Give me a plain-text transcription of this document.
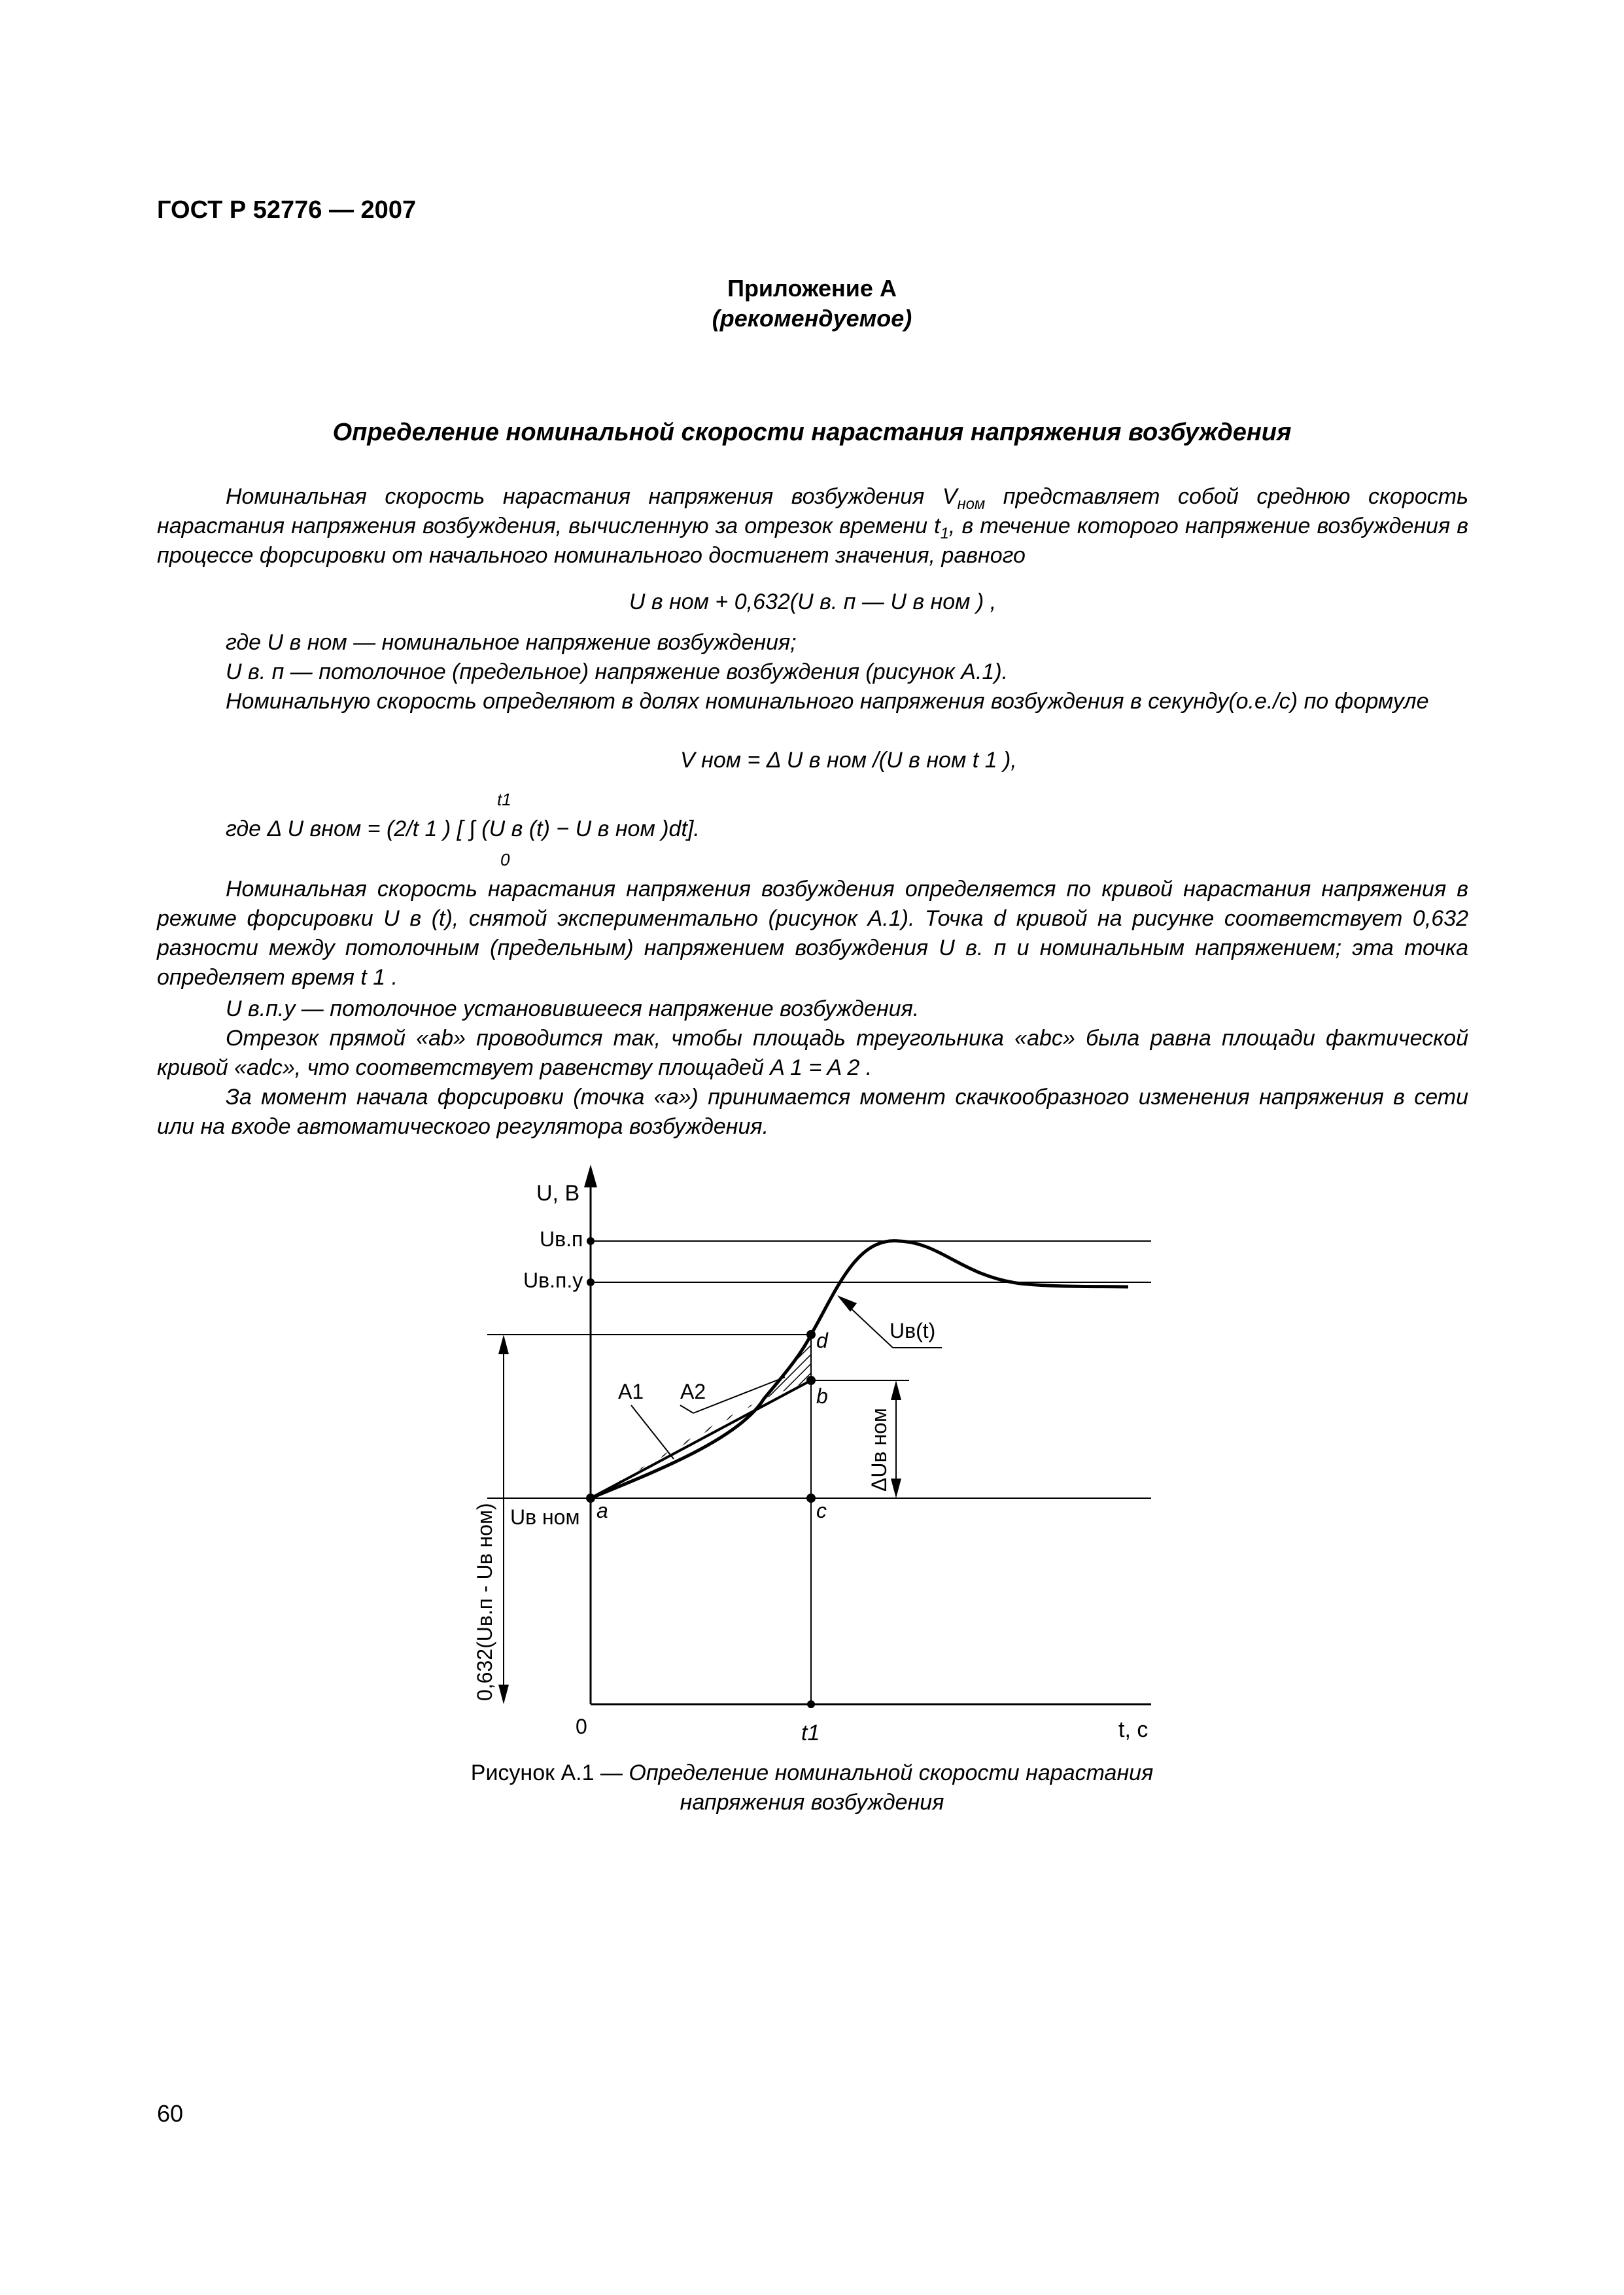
ГОСТ Р 52776 — 2007
Приложение А
(рекомендуемое)
Определение номинальной скорости нарастания напряжения возбуждения
Номинальная скорость нарастания напряжения возбуждения $V_{ном}$ представляет собой среднюю скорость нарастания напряжения возбуждения, вычисленную за отрезок времени $t_1$, в течение которого напряжение возбуждения в процессе форсировки от начального номинального достигнет значения, равного
U в ном + 0,632(U в. п — U в ном ) ,
где U в ном — номинальное напряжение возбуждения;
U в. п — потолочное (предельное) напряжение возбуждения (рисунок А.1).
Номинальную скорость определяют в долях номинального напряжения возбуждения в секунду(о.е./с) по формуле
V ном = Δ U в ном /(U в ном t 1 ),
t1
где Δ U вном = (2/t 1 ) [ ∫ (U в (t) − U в ном )dt].
0
Номинальная скорость нарастания напряжения возбуждения определяется по кривой нарастания напряжения в режиме форсировки U в (t), снятой экспериментально (рисунок А.1). Точка d кривой на рисунке соответствует 0,632 разности между потолочным (предельным) напряжением возбуждения U в. п и номинальным напряжением; эта точка определяет время t 1 .
U в.п.у — потолочное установившееся напряжение возбуждения.
Отрезок прямой «ab» проводится так, чтобы площадь треугольника «abc» была равна площади фактической кривой «adc», что соответствует равенству площадей A 1 = A 2 .
За момент начала форсировки (точка «a») принимается момент скачкообразного изменения напряжения в сети или на входе автоматического регулятора возбуждения.
U, В
t, с
0	t1
Uв.п
Uв.п.у
Uв ном
Uв(t)
a
b
c
d
A1 A2
ΔUв ном
0,632(Uв.п - Uв ном)
Рисунок А.1 — Определение номинальной скорости нарастания
напряжения возбуждения
60
